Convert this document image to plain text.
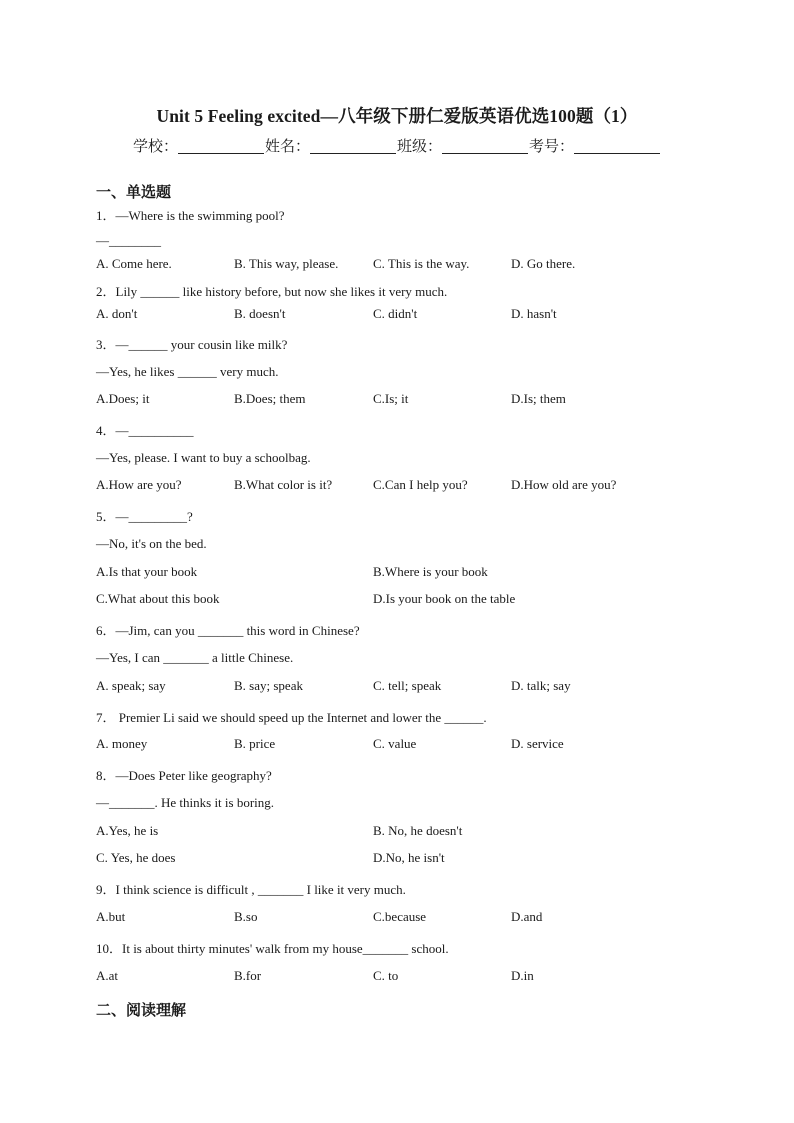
Unit 5 Feeling excited—八年级下册仁爱版英语优选100题（1）
学校：	姓名：	班级：	考号：
一、单选题
1．—Where is the swimming pool?
—________
A. Come here.	B. This way, please.	C. This is the way.	D. Go there.
2．Lily ______ like history before, but now she likes it very much.
A. don't	B. doesn't	C. didn't	D. hasn't
3．—______ your cousin like milk?
—Yes, he likes ______ very much.
A.Does; it	B.Does; them	C.Is; it	D.Is; them
4．—__________
—Yes, please. I want to buy a schoolbag.
A.How are you?	B.What color is it?	C.Can I help you?	D.How old are you?
5．—_________?
—No, it's on the bed.
A.Is that your book	B.Where is your book
C.What about this book	D.Is your book on the table
6．—Jim, can you _______ this word in Chinese?
—Yes, I can _______ a little Chinese.
A. speak; say	B. say; speak	C. tell; speak	D. talk; say
7． Premier Li said we should speed up the Internet and lower the ______.
A. money	B. price	C. value	D. service
8．—Does Peter like geography?
—_______. He thinks it is boring.
A.Yes, he is	B. No, he doesn't
C. Yes, he does	D.No, he isn't
9．I think science is difficult , _______ I like it very much.
A.but	B.so	C.because	D.and
10．It is about thirty minutes' walk from my house_______ school.
A.at	B.for	C. to	D.in
二、阅读理解
